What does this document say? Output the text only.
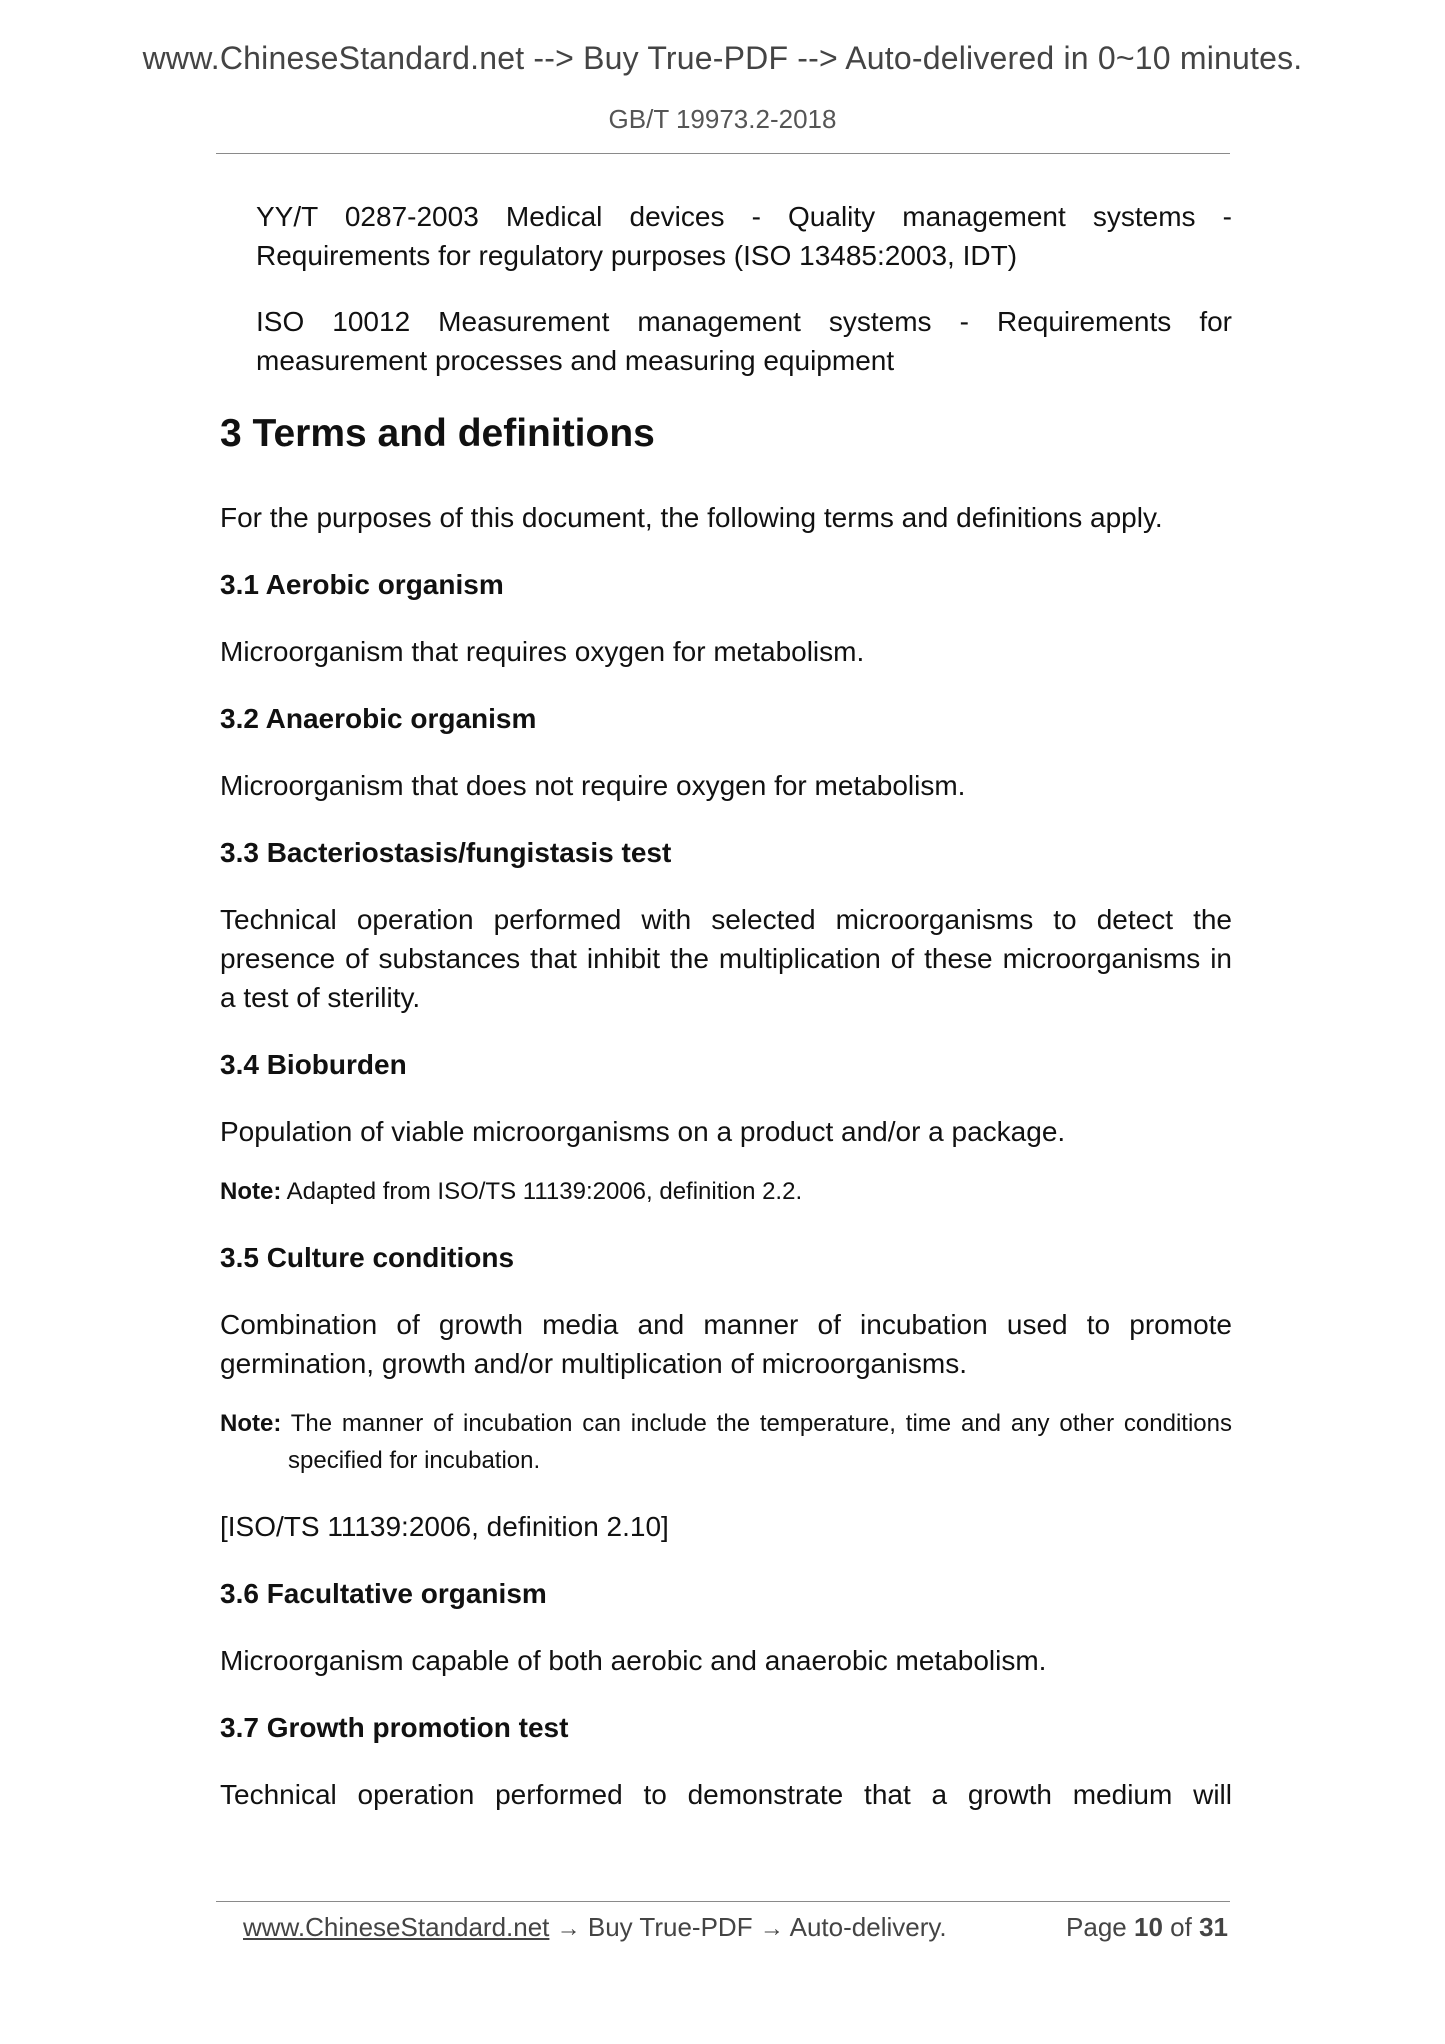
www.ChineseStandard.net --> Buy True-PDF --> Auto-delivered in 0~10 minutes.
GB/T 19973.2-2018

YY/T 0287-2003 Medical devices - Quality management systems - Requirements for regulatory purposes (ISO 13485:2003, IDT)

ISO 10012 Measurement management systems - Requirements for measurement processes and measuring equipment

3 Terms and definitions

For the purposes of this document, the following terms and definitions apply.

3.1 Aerobic organism

Microorganism that requires oxygen for metabolism.

3.2 Anaerobic organism

Microorganism that does not require oxygen for metabolism.

3.3 Bacteriostasis/fungistasis test

Technical operation performed with selected microorganisms to detect the presence of substances that inhibit the multiplication of these microorganisms in a test of sterility.

3.4 Bioburden

Population of viable microorganisms on a product and/or a package.

Note: Adapted from ISO/TS 11139:2006, definition 2.2.

3.5 Culture conditions

Combination of growth media and manner of incubation used to promote germination, growth and/or multiplication of microorganisms.

Note: The manner of incubation can include the temperature, time and any other conditions specified for incubation.

[ISO/TS 11139:2006, definition 2.10]

3.6 Facultative organism

Microorganism capable of both aerobic and anaerobic metabolism.

3.7 Growth promotion test

Technical operation performed to demonstrate that a growth medium will

www.ChineseStandard.net → Buy True-PDF → Auto-delivery.	Page 10 of 31
